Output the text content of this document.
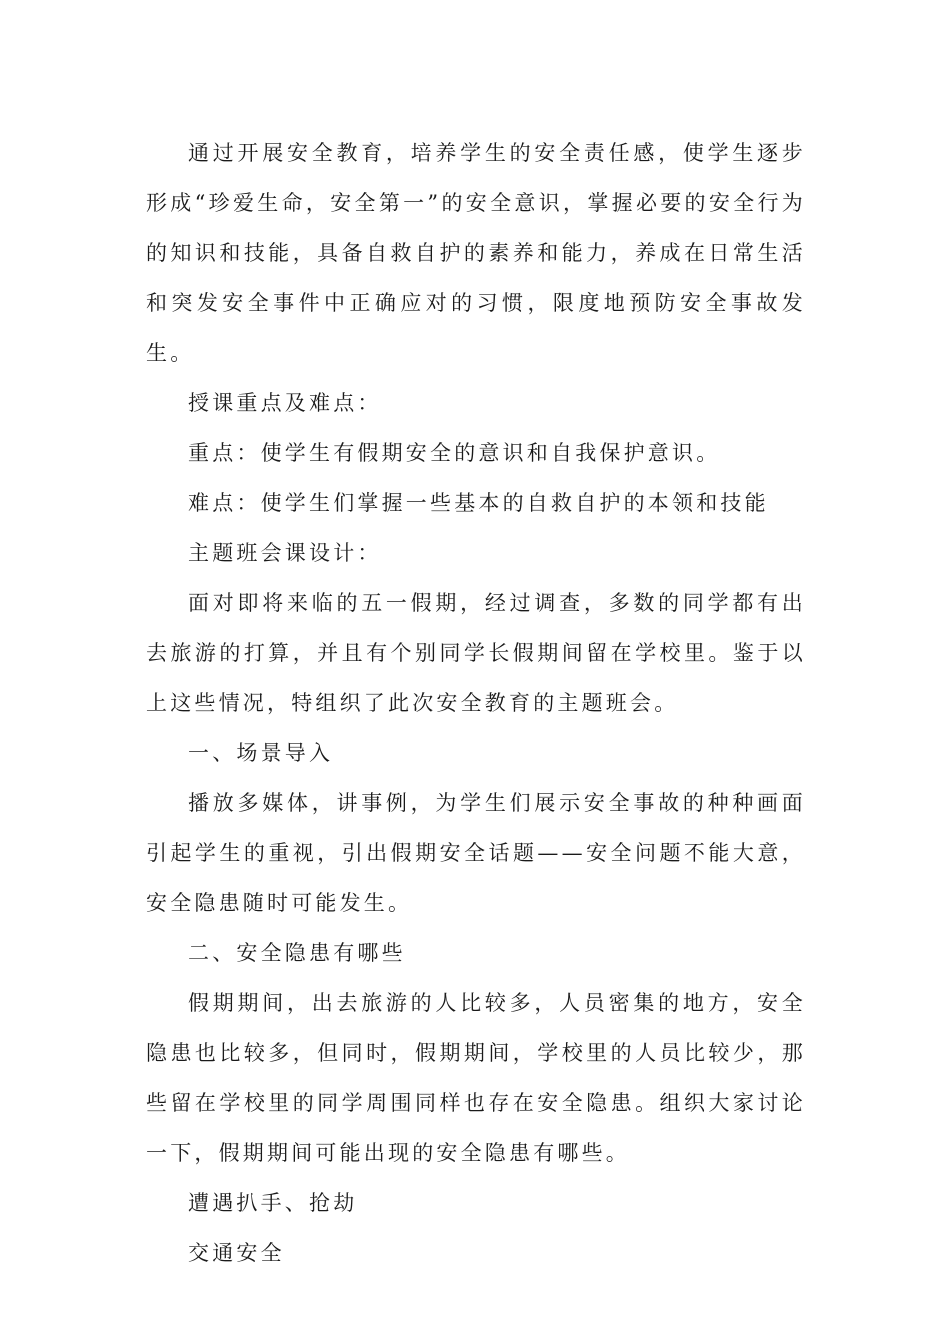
通过开展安全教育，培养学生的安全责任感，使学生逐步形成“珍爱生命，安全第一”的安全意识，掌握必要的安全行为的知识和技能，具备自救自护的素养和能力，养成在日常生活和突发安全事件中正确应对的习惯，限度地预防安全事故发生。

授课重点及难点：

重点：使学生有假期安全的意识和自我保护意识。

难点：使学生们掌握一些基本的自救自护的本领和技能

主题班会课设计：

面对即将来临的五一假期，经过调查，多数的同学都有出去旅游的打算，并且有个别同学长假期间留在学校里。鉴于以上这些情况，特组织了此次安全教育的主题班会。

一、场景导入

播放多媒体，讲事例，为学生们展示安全事故的种种画面引起学生的重视，引出假期安全话题——安全问题不能大意，安全隐患随时可能发生。

二、安全隐患有哪些

假期期间，出去旅游的人比较多，人员密集的地方，安全隐患也比较多，但同时，假期期间，学校里的人员比较少，那些留在学校里的同学周围同样也存在安全隐患。组织大家讨论一下，假期期间可能出现的安全隐患有哪些。

遭遇扒手、抢劫

交通安全
